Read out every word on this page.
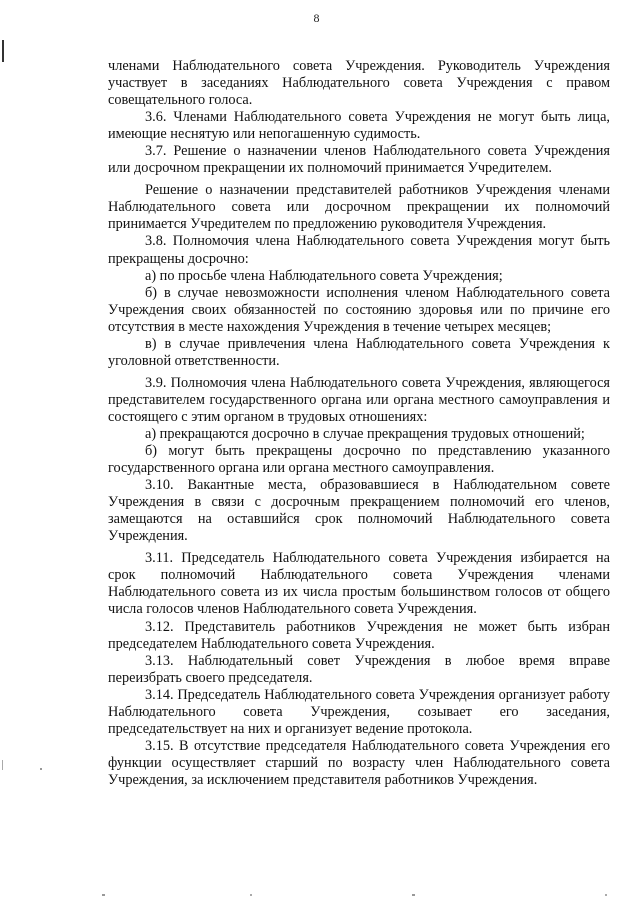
8

членами Наблюдательного совета Учреждения. Руководитель Учреждения участвует в заседаниях Наблюдательного совета Учреждения с правом совещательного голоса.

3.6. Членами Наблюдательного совета Учреждения не могут быть лица, имеющие неснятую или непогашенную судимость.

3.7. Решение о назначении членов Наблюдательного совета Учреждения или досрочном прекращении их полномочий принимается Учредителем.

Решение о назначении представителей работников Учреждения членами Наблюдательного совета или досрочном прекращении их полномочий принимается Учредителем по предложению руководителя Учреждения.

3.8. Полномочия члена Наблюдательного совета Учреждения могут быть прекращены досрочно:

а) по просьбе члена Наблюдательного совета Учреждения;

б) в случае невозможности исполнения членом Наблюдательного совета Учреждения своих обязанностей по состоянию здоровья или по причине его отсутствия в месте нахождения Учреждения в течение четырех месяцев;

в) в случае привлечения члена Наблюдательного совета Учреждения к уголовной ответственности.

3.9. Полномочия члена Наблюдательного совета Учреждения, являющегося представителем государственного органа или органа местного самоуправления и состоящего с этим органом в трудовых отношениях:

а) прекращаются досрочно в случае прекращения трудовых отношений;

б) могут быть прекращены досрочно по представлению указанного государственного органа или органа местного самоуправления.

3.10. Вакантные места, образовавшиеся в Наблюдательном совете Учреждения в связи с досрочным прекращением полномочий его членов, замещаются на оставшийся срок полномочий Наблюдательного совета Учреждения.

3.11. Председатель Наблюдательного совета Учреждения избирается на срок полномочий Наблюдательного совета Учреждения членами Наблюдательного совета из их числа простым большинством голосов от общего числа голосов членов Наблюдательного совета Учреждения.

3.12. Представитель работников Учреждения не может быть избран председателем Наблюдательного совета Учреждения.

3.13. Наблюдательный совет Учреждения в любое время вправе переизбрать своего председателя.

3.14. Председатель Наблюдательного совета Учреждения организует работу Наблюдательного совета Учреждения, созывает его заседания, председательствует на них и организует ведение протокола.

3.15. В отсутствие председателя Наблюдательного совета Учреждения его функции осуществляет старший по возрасту член Наблюдательного совета Учреждения, за исключением представителя работников Учреждения.
